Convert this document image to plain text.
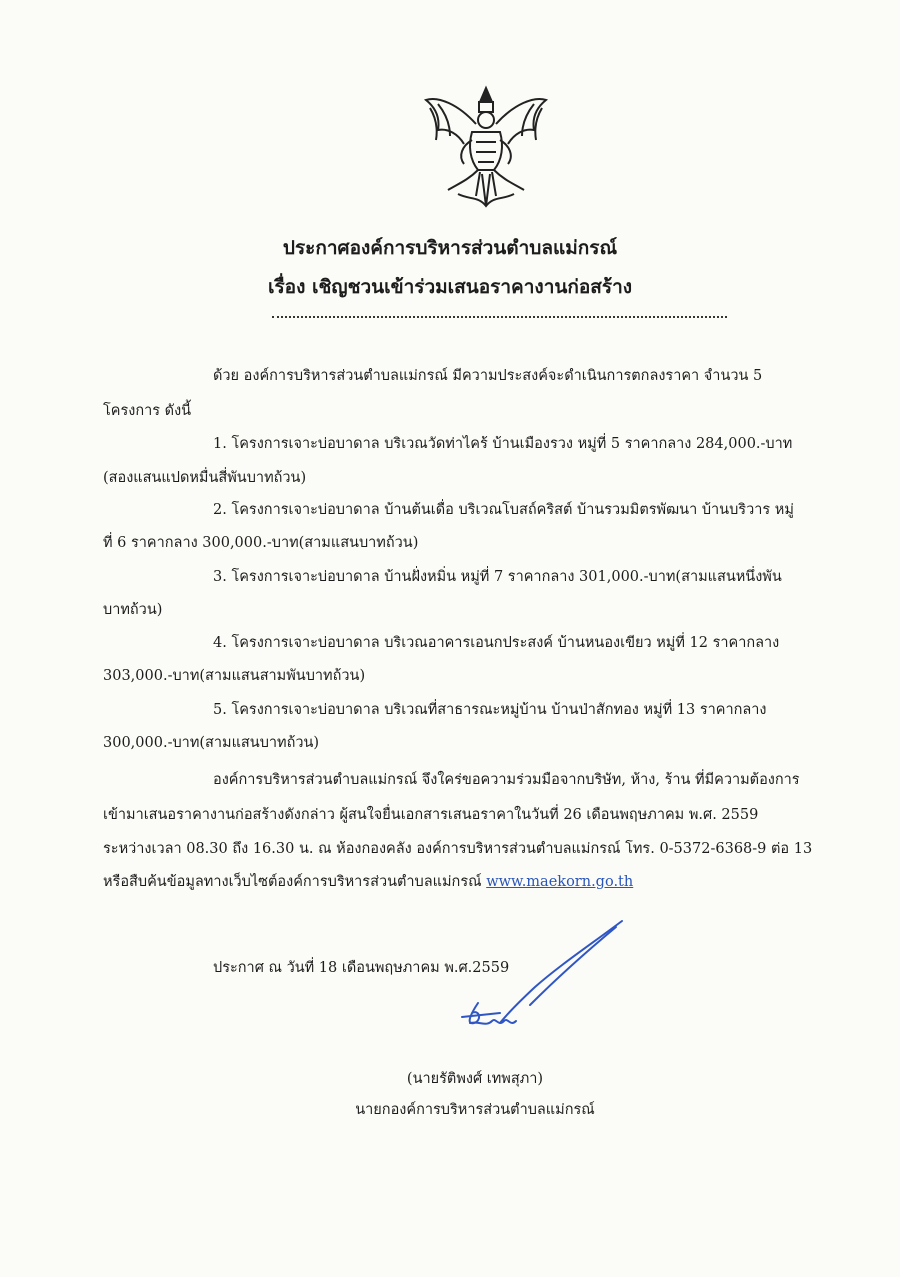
ประกาศองค์การบริหารส่วนตำบลแม่กรณ์
เรื่อง เชิญชวนเข้าร่วมเสนอราคางานก่อสร้าง
ด้วย องค์การบริหารส่วนตำบลแม่กรณ์ มีความประสงค์จะดำเนินการตกลงราคา จำนวน 5
โครงการ ดังนี้
1. โครงการเจาะบ่อบาดาล บริเวณวัดท่าไคร้ บ้านเมืองรวง หมู่ที่ 5 ราคากลาง 284,000.-บาท
(สองแสนแปดหมื่นสี่พันบาทถ้วน)
2. โครงการเจาะบ่อบาดาล บ้านต้นเดื่อ บริเวณโบสถ์คริสต์ บ้านรวมมิตรพัฒนา บ้านบริวาร หมู่
ที่ 6 ราคากลาง 300,000.-บาท(สามแสนบาทถ้วน)
3. โครงการเจาะบ่อบาดาล บ้านฝั่งหมิ่น หมู่ที่ 7 ราคากลาง 301,000.-บาท(สามแสนหนึ่งพัน
บาทถ้วน)
4. โครงการเจาะบ่อบาดาล บริเวณอาคารเอนกประสงค์ บ้านหนองเขียว หมู่ที่ 12 ราคากลาง
303,000.-บาท(สามแสนสามพันบาทถ้วน)
5. โครงการเจาะบ่อบาดาล บริเวณที่สาธารณะหมู่บ้าน บ้านป่าสักทอง หมู่ที่ 13 ราคากลาง
300,000.-บาท(สามแสนบาทถ้วน)
องค์การบริหารส่วนตำบลแม่กรณ์ จึงใคร่ขอความร่วมมือจากบริษัท, ห้าง, ร้าน ที่มีความต้องการ
เข้ามาเสนอราคางานก่อสร้างดังกล่าว ผู้สนใจยื่นเอกสารเสนอราคาในวันที่ 26 เดือนพฤษภาคม พ.ศ. 2559
ระหว่างเวลา 08.30 ถึง 16.30 น. ณ ห้องกองคลัง องค์การบริหารส่วนตำบลแม่กรณ์ โทร. 0-5372-6368-9 ต่อ 13
หรือสืบค้นข้อมูลทางเว็บไซต์องค์การบริหารส่วนตำบลแม่กรณ์ www.maekorn.go.th
ประกาศ ณ วันที่ 18 เดือนพฤษภาคม พ.ศ.2559
(นายรัติพงศ์ เทพสุภา)
นายกองค์การบริหารส่วนตำบลแม่กรณ์
